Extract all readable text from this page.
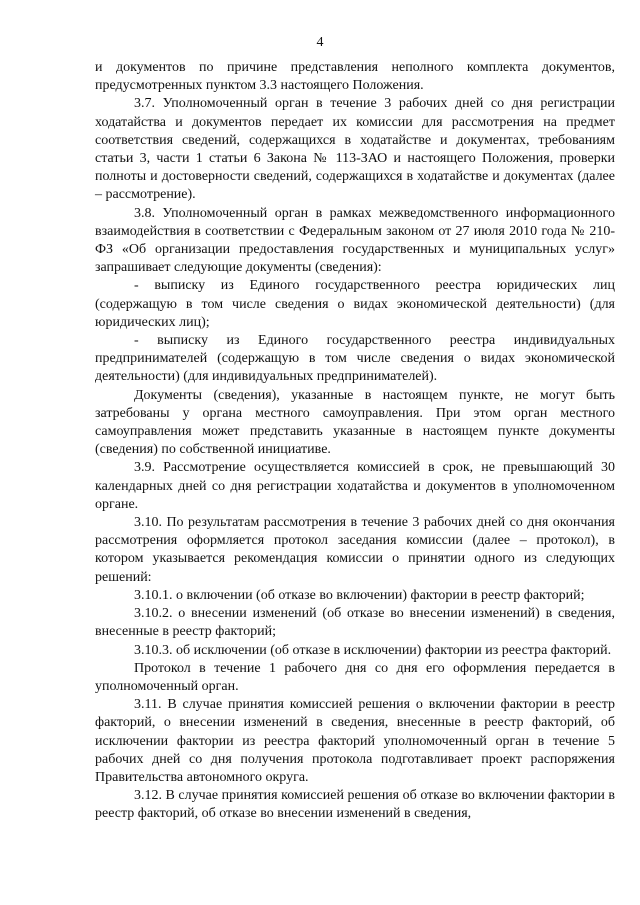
4

и документов по причине представления неполного комплекта документов, предусмотренных пунктом 3.3 настоящего Положения.

3.7. Уполномоченный орган в течение 3 рабочих дней со дня регистрации ходатайства и документов передает их комиссии для рассмотрения на предмет соответствия сведений, содержащихся в ходатайстве и документах, требованиям статьи 3, части 1 статьи 6 Закона № 113-ЗАО и настоящего Положения, проверки полноты и достоверности сведений, содержащихся в ходатайстве и документах (далее – рассмотрение).

3.8. Уполномоченный орган в рамках межведомственного информационного взаимодействия в соответствии с Федеральным законом от 27 июля 2010 года № 210-ФЗ «Об организации предоставления государственных и муниципальных услуг» запрашивает следующие документы (сведения):

- выписку из Единого государственного реестра юридических лиц (содержащую в том числе сведения о видах экономической деятельности) (для юридических лиц);

- выписку из Единого государственного реестра индивидуальных предпринимателей (содержащую в том числе сведения о видах экономической деятельности) (для индивидуальных предпринимателей).

Документы (сведения), указанные в настоящем пункте, не могут быть затребованы у органа местного самоуправления. При этом орган местного самоуправления может представить указанные в настоящем пункте документы (сведения) по собственной инициативе.

3.9. Рассмотрение осуществляется комиссией в срок, не превышающий 30 календарных дней со дня регистрации ходатайства и документов в уполномоченном органе.

3.10. По результатам рассмотрения в течение 3 рабочих дней со дня окончания рассмотрения оформляется протокол заседания комиссии (далее – протокол), в котором указывается рекомендация комиссии о принятии одного из следующих решений:

3.10.1. о включении (об отказе во включении) фактории в реестр факторий;

3.10.2. о внесении изменений (об отказе во внесении изменений) в сведения, внесенные в реестр факторий;

3.10.3. об исключении (об отказе в исключении) фактории из реестра факторий.

Протокол в течение 1 рабочего дня со дня его оформления передается в уполномоченный орган.

3.11. В случае принятия комиссией решения о включении фактории в реестр факторий, о внесении изменений в сведения, внесенные в реестр факторий, об исключении фактории из реестра факторий уполномоченный орган в течение 5 рабочих дней со дня получения протокола подготавливает проект распоряжения Правительства автономного округа.

3.12. В случае принятия комиссией решения об отказе во включении фактории в реестр факторий, об отказе во внесении изменений в сведения,
